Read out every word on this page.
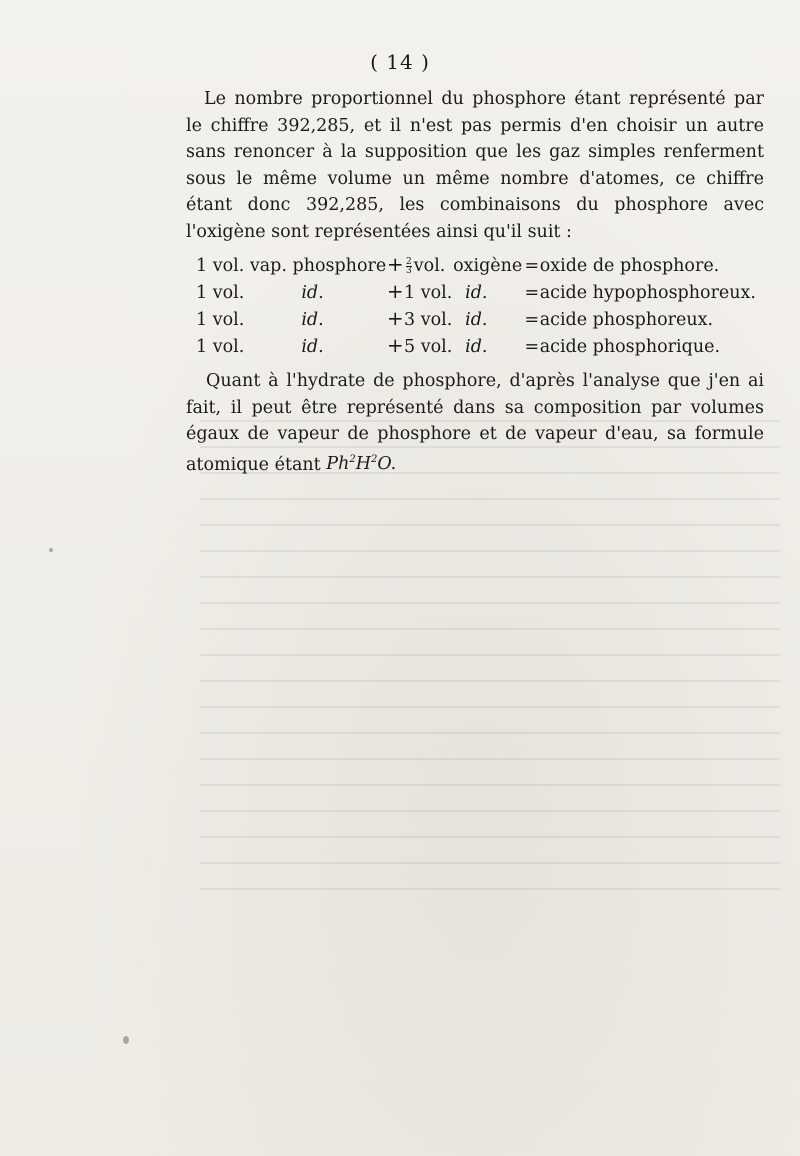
( 14 )

Le nombre proportionnel du phosphore étant représenté par le chiffre 392,285, et il n'est pas permis d'en choisir un autre sans renoncer à la supposition que les gaz simples renferment sous le même volume un même nombre d'atomes, ce chiffre étant donc 392,285, les combinaisons du phosphore avec l'oxigène sont représentées ainsi qu'il suit :

1 vol. vap. phosphore		+	$\frac{2}{3}$ vol.	oxigène	=	oxide de phosphore.
1 vol.	id.	+	1 vol.	id.	=	acide hypophosphoreux.
1 vol.	id.	+	3 vol.	id.	=	acide phosphoreux.
1 vol.	id.	+	5 vol.	id.	=	acide phosphorique.

Quant à l'hydrate de phosphore, d'après l'analyse que j'en ai fait, il peut être représenté dans sa composition par volumes égaux de vapeur de phosphore et de vapeur d'eau, sa formule atomique étant $Ph^2H^2O$.
